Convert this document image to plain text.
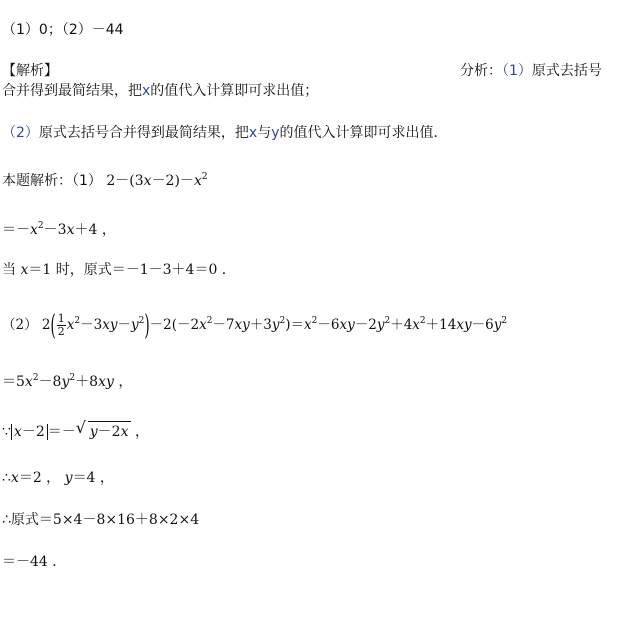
（1）0；（2）－44
【解析】	分析：（1）原式去括号
合并得到最简结果，把x的值代入计算即可求出值；
（2）原式去括号合并得到最简结果，把x与y的值代入计算即可求出值．
本题解析：（1） $2-(3x-2)-x^2$
$=-x^2-3x+4$ ，
当 x＝1 时，原式＝－1－3＋4＝0 ．
（2） $2( \frac{1}{2} x^2-3xy-y^2)-2(-2x^2-7xy+3y^2)=x^2-6xy-2y^2+4x^2+14xy-6y^2$
$=5x^2-8y^2+8xy$ ，
∵ x－2 ＝－ √ y－2x ，
∴x＝2 ， y＝4 ，
∴原式＝5×4－8×16＋8×2×4
＝－44 ．
